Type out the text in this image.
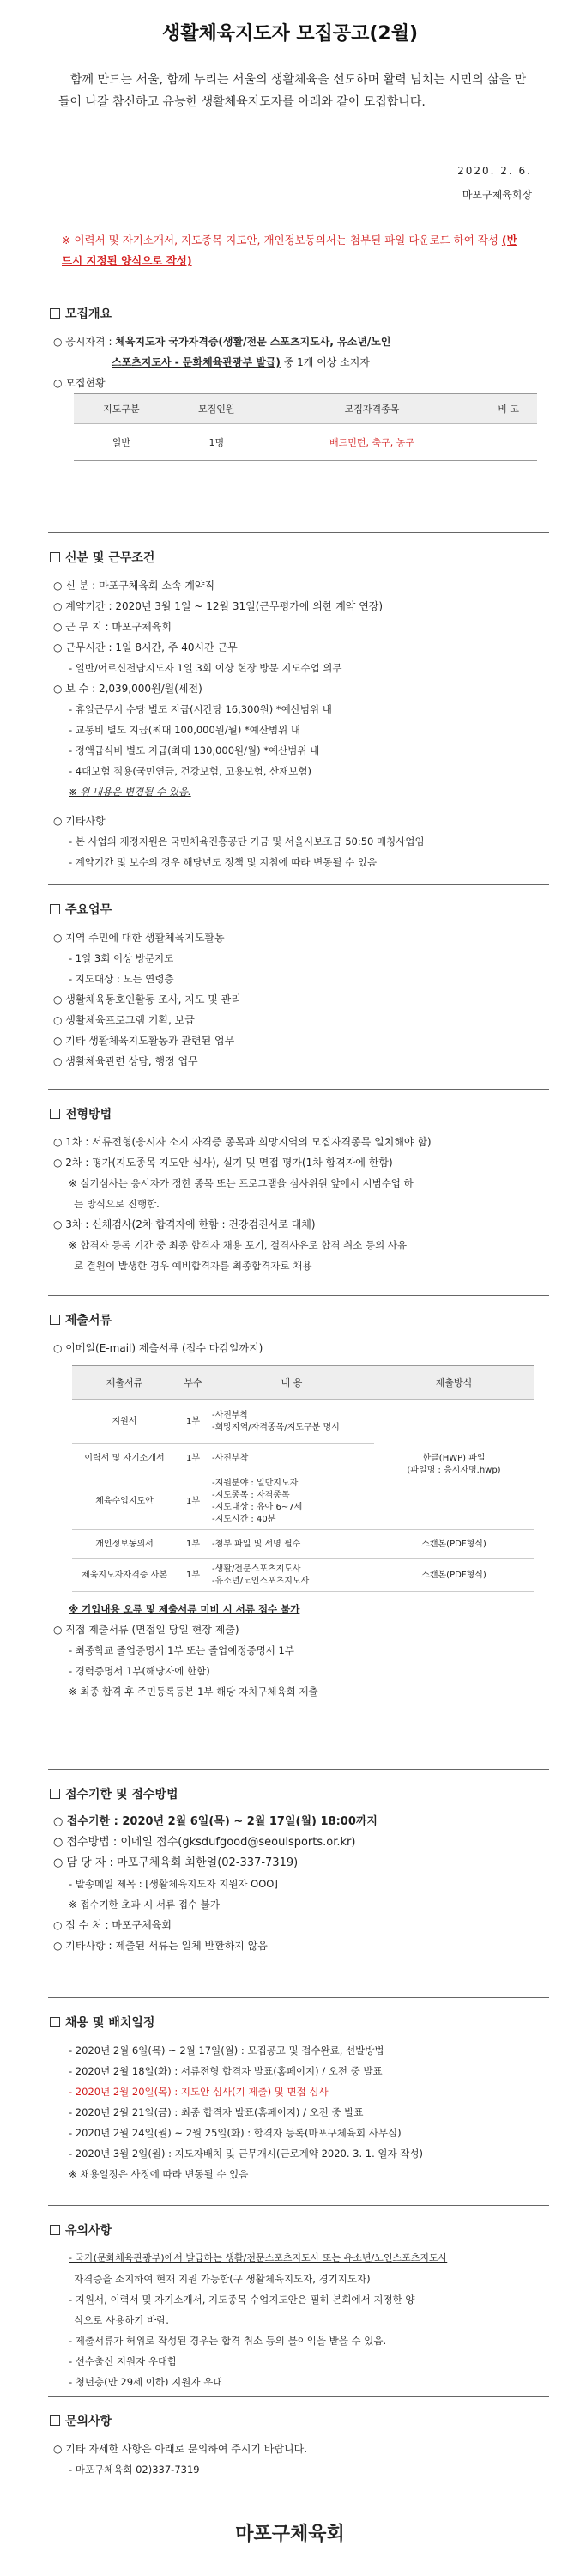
생활체육지도자 모집공고(2월)
함께 만드는 서울, 함께 누리는 서울의 생활체육을 선도하며 활력 넘치는 시민의 삶을 만들어 나갈 참신하고 유능한 생활체육지도자를 아래와 같이 모집합니다.
2020. 2. 6.
마포구체육회장
※ 이력서 및 자기소개서, 지도종목 지도안, 개인정보동의서는 첨부된 파일 다운로드 하여 작성 (반드시 지정된 양식으로 작성)
모집개요
○ 응시자격 : 체육지도자 국가자격증(생활/전문 스포츠지도사, 유소년/노인
스포츠지도사 - 문화체육관광부 발급) 중 1개 이상 소지자
○ 모집현황
지도구분	모집인원	모집자격종목	비 고
일반	1명	배드민턴, 축구, 농구	
신분 및 근무조건
○ 신 분 : 마포구체육회 소속 계약직
○ 계약기간 : 2020년 3월 1일 ~ 12월 31일(근무평가에 의한 계약 연장)
○ 근 무 지 : 마포구체육회
○ 근무시간 : 1일 8시간, 주 40시간 근무
- 일반/어르신전담지도자 1일 3회 이상 현장 방문 지도수업 의무
○ 보 수 : 2,039,000원/월(세전)
- 휴일근무시 수당 별도 지급(시간당 16,300원) *예산범위 내
- 교통비 별도 지급(최대 100,000원/월) *예산범위 내
- 정액급식비 별도 지급(최대 130,000원/월) *예산범위 내
- 4대보험 적용(국민연금, 건강보험, 고용보험, 산재보험)
※ 위 내용은 변경될 수 있음.
○ 기타사항
- 본 사업의 재정지원은 국민체육진흥공단 기금 및 서울시보조금 50:50 매칭사업임
- 계약기간 및 보수의 경우 해당년도 정책 및 지침에 따라 변동될 수 있음
주요업무
○ 지역 주민에 대한 생활체육지도활동
- 1일 3회 이상 방문지도
- 지도대상 : 모든 연령층
○ 생활체육동호인활동 조사, 지도 및 관리
○ 생활체육프로그램 기획, 보급
○ 기타 생활체육지도활동과 관련된 업무
○ 생활체육관련 상담, 행정 업무
전형방법
○ 1차 : 서류전형(응시자 소지 자격증 종목과 희망지역의 모집자격종목 일치해야 함)
○ 2차 : 평가(지도종목 지도안 심사), 실기 및 면접 평가(1차 합격자에 한함)
※ 실기심사는 응시자가 정한 종목 또는 프로그램을 심사위원 앞에서 시범수업 하
는 방식으로 진행함.
○ 3차 : 신체검사(2차 합격자에 한함 : 건강검진서로 대체)
※ 합격자 등록 기간 중 최종 합격자 채용 포기, 결격사유로 합격 취소 등의 사유
로 결원이 발생한 경우 예비합격자를 최종합격자로 채용
제출서류
○ 이메일(E-mail) 제출서류 (접수 마감일까지)
제출서류	부수	내 용	제출방식
지원서	1부	-사진부착
-희망지역/자격종목/지도구분 명시	한글(HWP) 파일
(파일명 : 응시자명.hwp)
이력서 및 자기소개서	1부	-사진부착	
체육수업지도안	1부	-지원분야 : 일반지도자
-지도종목 : 자격종목
-지도대상 : 유아 6~7세
-지도시간 : 40분	
개인정보동의서	1부	-첨부 파일 및 서명 필수	스캔본(PDF형식)
체육지도자자격증 사본	1부	-생활/전문스포츠지도사
-유소년/노인스포츠지도사	스캔본(PDF형식)
※ 기입내용 오류 및 제출서류 미비 시 서류 접수 불가
○ 직접 제출서류 (면접일 당일 현장 제출)
- 최종학교 졸업증명서 1부 또는 졸업예정증명서 1부
- 경력증명서 1부(해당자에 한함)
※ 최종 합격 후 주민등록등본 1부 해당 자치구체육회 제출
접수기한 및 접수방법
○ 접수기한 : 2020년 2월 6일(목) ~ 2월 17일(월) 18:00까지
○ 접수방법 : 이메일 접수(gksdufgood@seoulsports.or.kr)
○ 담 당 자 : 마포구체육회 최한얼(02-337-7319)
- 발송메일 제목 : [생활체육지도자 지원자 OOO]
※ 접수기한 초과 시 서류 접수 불가
○ 접 수 처 : 마포구체육회
○ 기타사항 : 제출된 서류는 일체 반환하지 않음
채용 및 배치일정
- 2020년 2월 6일(목) ~ 2월 17일(월) : 모집공고 및 접수완료, 선발방법
- 2020년 2월 18일(화) : 서류전형 합격자 발표(홈페이지) / 오전 중 발표
- 2020년 2월 20일(목) : 지도안 심사(기 제출) 및 면접 심사
- 2020년 2월 21일(금) : 최종 합격자 발표(홈페이지) / 오전 중 발표
- 2020년 2월 24일(월) ~ 2월 25일(화) : 합격자 등록(마포구체육회 사무실)
- 2020년 3월 2일(월) : 지도자배치 및 근무개시(근로계약 2020. 3. 1. 일자 작성)
※ 채용일정은 사정에 따라 변동될 수 있음
유의사항
- 국가(문화체육관광부)에서 발급하는 생활/전문스포츠지도사 또는 유소년/노인스포츠지도사
자격증을 소지하여 현재 지원 가능함(구 생활체육지도자, 경기지도자)
- 지원서, 이력서 및 자기소개서, 지도종목 수업지도안은 필히 본회에서 지정한 양
식으로 사용하기 바람.
- 제출서류가 허위로 작성된 경우는 합격 취소 등의 불이익을 받을 수 있음.
- 선수출신 지원자 우대함
- 청년층(만 29세 이하) 지원자 우대
문의사항
○ 기타 자세한 사항은 아래로 문의하여 주시기 바랍니다.
- 마포구체육회 02)337-7319
마포구체육회
